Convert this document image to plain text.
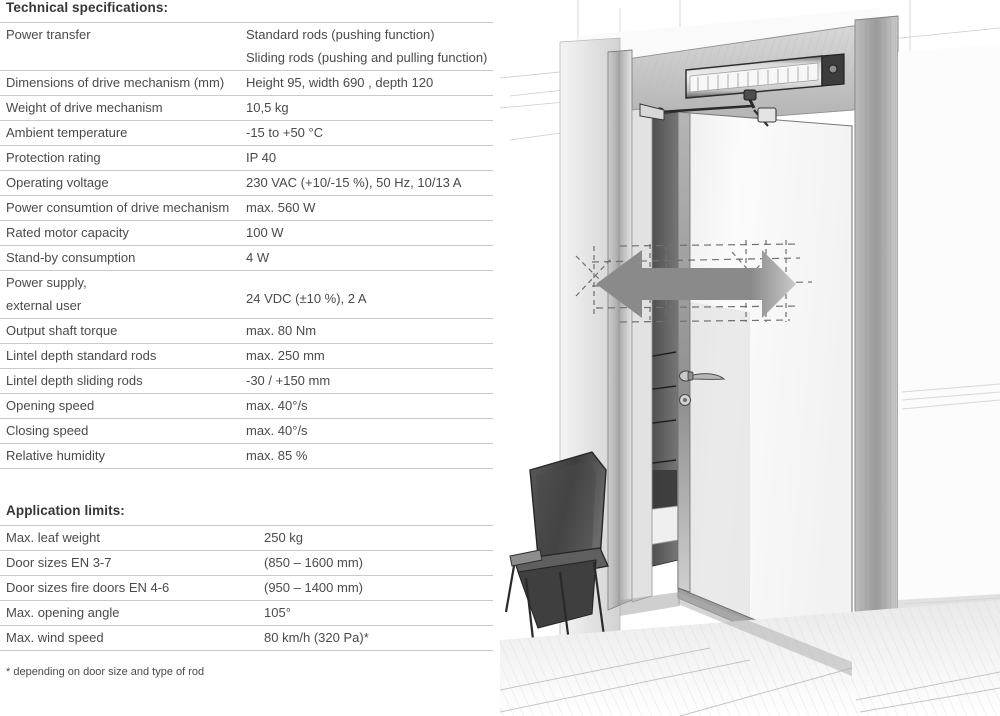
Technical specifications:
Power transfer	Standard rods (pushing function)
Sliding rods (pushing and pulling function)

Dimensions of drive mechanism (mm)	Height 95, width 690 , depth 120

Weight of drive mechanism	10,5 kg

Ambient temperature	-15 to +50 °C

Protection rating	IP 40

Operating voltage	230 VAC (+10/-15 %), 50 Hz, 10/13 A

Power consumtion of drive mechanism	max. 560 W

Rated motor capacity	100 W

Stand-by consumption	4 W

Power supply,
external user	24 VDC (±10 %), 2 A

Output shaft torque	max. 80 Nm

Lintel depth standard rods	max. 250 mm

Lintel depth sliding rods	-30 / +150 mm

Opening speed	max. 40°/s

Closing speed	max. 40°/s

Relative humidity	max. 85 %
Application limits:
Max. leaf weight	250 kg

Door sizes EN 3-7	(850 – 1600 mm)

Door sizes fire doors EN 4-6	(950 – 1400 mm)

Max. opening angle	105°

Max. wind speed	80 km/h (320 Pa)*
* depending on door size and type of rod
